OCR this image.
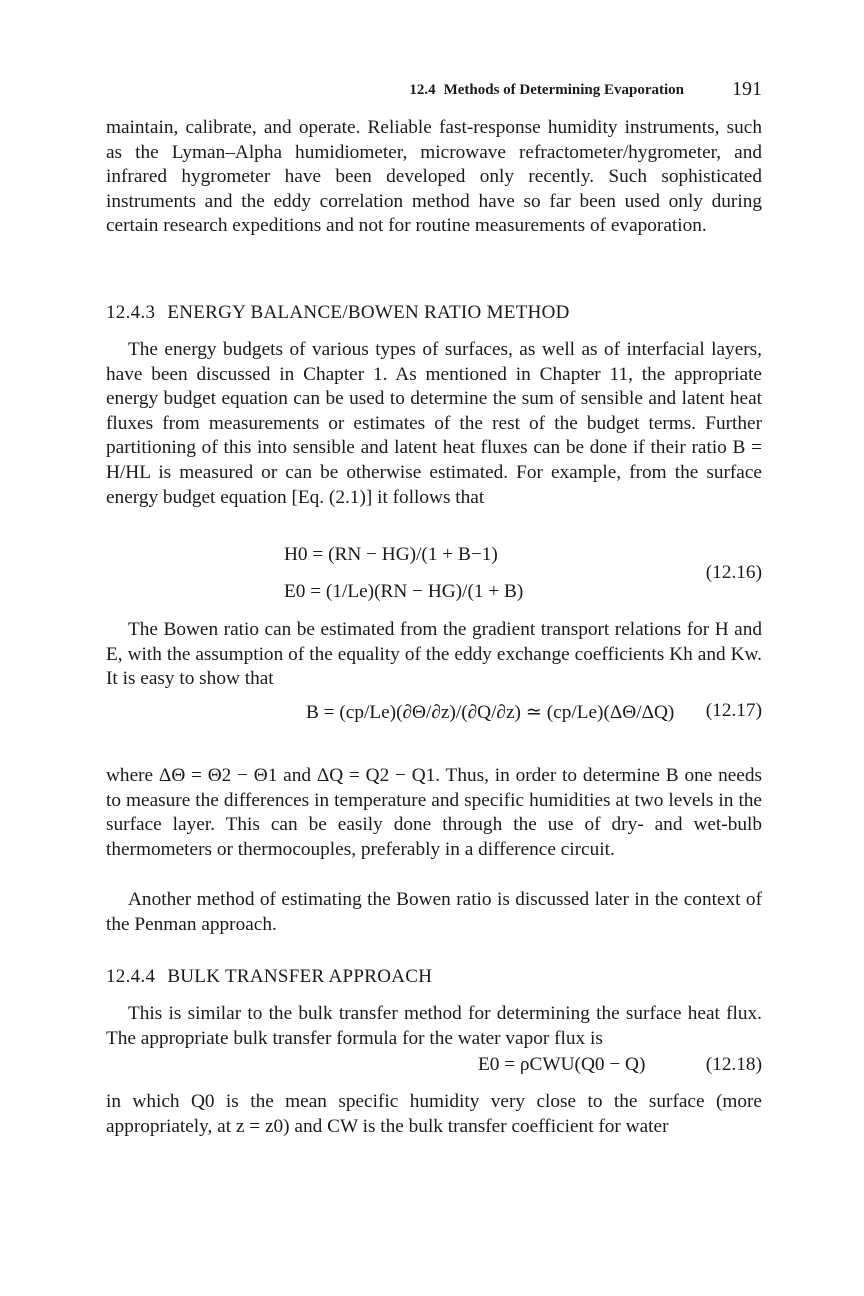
12.4 Methods of Determining Evaporation 191
maintain, calibrate, and operate. Reliable fast-response humidity instruments, such as the Lyman–Alpha humidiometer, microwave refractometer/hygrometer, and infrared hygrometer have been developed only recently. Such sophisticated instruments and the eddy correlation method have so far been used only during certain research expeditions and not for routine measurements of evaporation.
12.4.3 ENERGY BALANCE/BOWEN RATIO METHOD
The energy budgets of various types of surfaces, as well as of interfacial layers, have been discussed in Chapter 1. As mentioned in Chapter 11, the appropriate energy budget equation can be used to determine the sum of sensible and latent heat fluxes from measurements or estimates of the rest of the budget terms. Further partitioning of this into sensible and latent heat fluxes can be done if their ratio B = H/HL is measured or can be otherwise estimated. For example, from the surface energy budget equation [Eq. (2.1)] it follows that
H0 = (RN − HG)/(1 + B−1)
E0 = (1/Le)(RN − HG)/(1 + B)
(12.16)
The Bowen ratio can be estimated from the gradient transport relations for H and E, with the assumption of the equality of the eddy exchange coefficients Kh and Kw. It is easy to show that
B = (cp/Le)(∂Θ/∂z)/(∂Q/∂z) ≃ (cp/Le)(ΔΘ/ΔQ) (12.17)
where ΔΘ = Θ2 − Θ1 and ΔQ = Q2 − Q1. Thus, in order to determine B one needs to measure the differences in temperature and specific humidities at two levels in the surface layer. This can be easily done through the use of dry- and wet-bulb thermometers or thermocouples, preferably in a difference circuit.
Another method of estimating the Bowen ratio is discussed later in the context of the Penman approach.
12.4.4 BULK TRANSFER APPROACH
This is similar to the bulk transfer method for determining the surface heat flux. The appropriate bulk transfer formula for the water vapor flux is
E0 = ρCWU(Q0 − Q)	(12.18)
in which Q0 is the mean specific humidity very close to the surface (more appropriately, at z = z0) and CW is the bulk transfer coefficient for water
